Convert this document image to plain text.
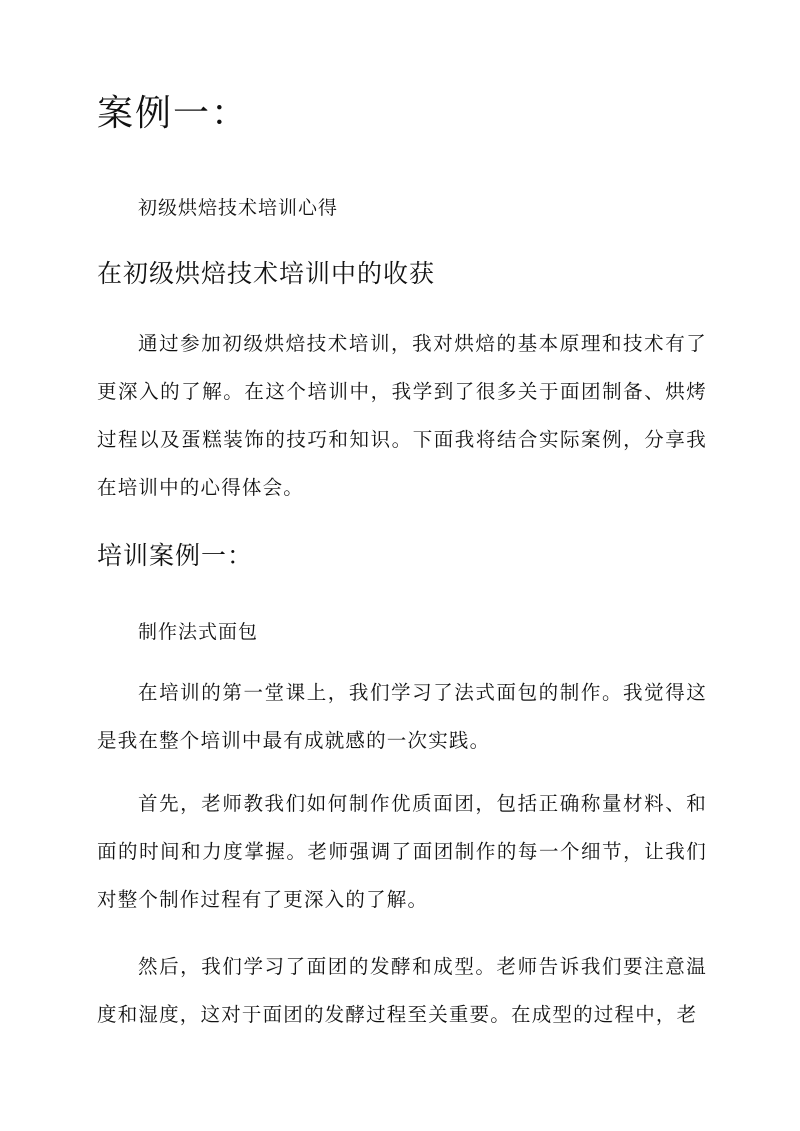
案例一：

初级烘焙技术培训心得

在初级烘焙技术培训中的收获

通过参加初级烘焙技术培训，我对烘焙的基本原理和技术有了更深入的了解。在这个培训中，我学到了很多关于面团制备、烘烤过程以及蛋糕装饰的技巧和知识。下面我将结合实际案例，分享我在培训中的心得体会。

培训案例一：

制作法式面包

在培训的第一堂课上，我们学习了法式面包的制作。我觉得这是我在整个培训中最有成就感的一次实践。

首先，老师教我们如何制作优质面团，包括正确称量材料、和面的时间和力度掌握。老师强调了面团制作的每一个细节，让我们对整个制作过程有了更深入的了解。

然后，我们学习了面团的发酵和成型。老师告诉我们要注意温度和湿度，这对于面团的发酵过程至关重要。在成型的过程中，老
